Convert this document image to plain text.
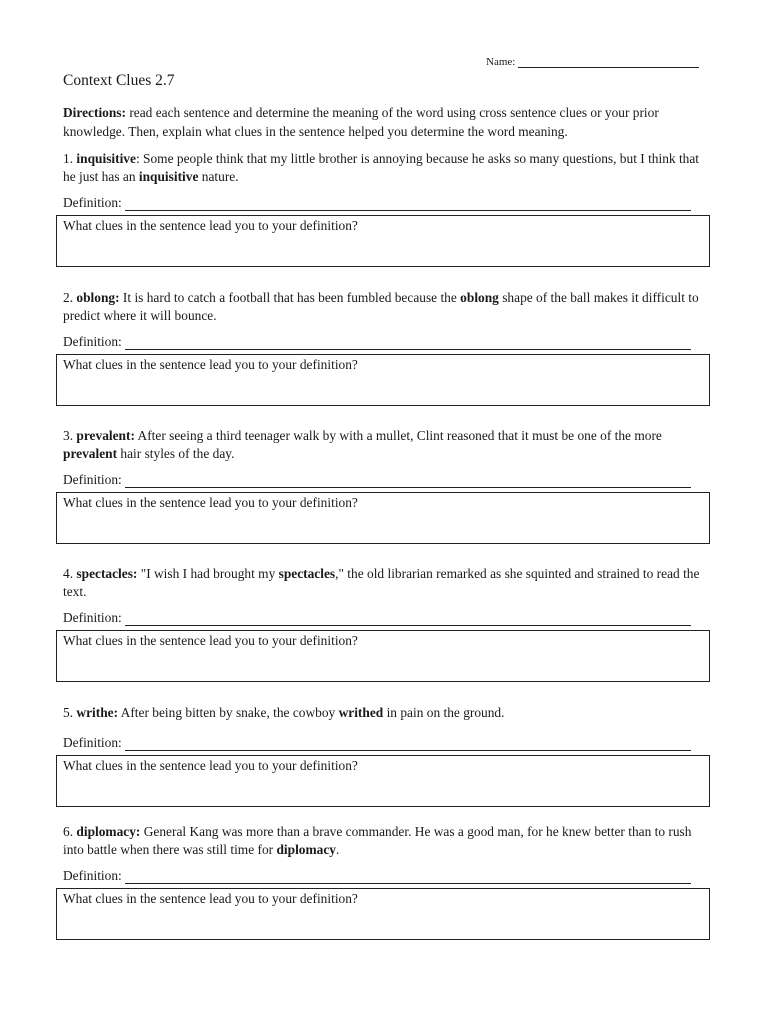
Name:
Context Clues 2.7

Directions: read each sentence and determine the meaning of the word using cross sentence clues or your prior knowledge. Then, explain what clues in the sentence helped you determine the word meaning.

1. inquisitive: Some people think that my little brother is annoying because he asks so many questions, but I think that he just has an inquisitive nature.

Definition:
What clues in the sentence lead you to your definition?

2. oblong: It is hard to catch a football that has been fumbled because the oblong shape of the ball makes it difficult to predict where it will bounce.

Definition:
What clues in the sentence lead you to your definition?

3. prevalent: After seeing a third teenager walk by with a mullet, Clint reasoned that it must be one of the more prevalent hair styles of the day.

Definition:
What clues in the sentence lead you to your definition?

4. spectacles: "I wish I had brought my spectacles," the old librarian remarked as she squinted and strained to read the text.

Definition:
What clues in the sentence lead you to your definition?

5. writhe: After being bitten by snake, the cowboy writhed in pain on the ground.

Definition:
What clues in the sentence lead you to your definition?

6. diplomacy: General Kang was more than a brave commander. He was a good man, for he knew better than to rush into battle when there was still time for diplomacy.

Definition:
What clues in the sentence lead you to your definition?
